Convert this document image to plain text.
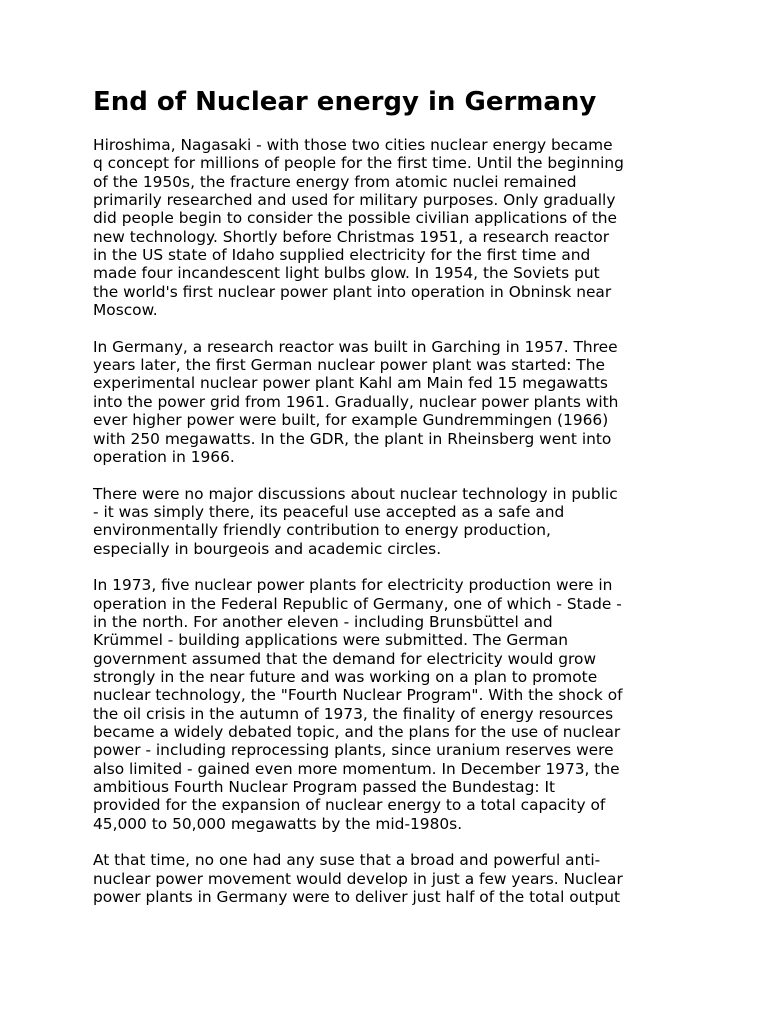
End of Nuclear energy in Germany

Hiroshima, Nagasaki - with those two cities nuclear energy became
q concept for millions of people for the first time. Until the beginning
of the 1950s, the fracture energy from atomic nuclei remained
primarily researched and used for military purposes. Only gradually
did people begin to consider the possible civilian applications of the
new technology. Shortly before Christmas 1951, a research reactor
in the US state of Idaho supplied electricity for the first time and
made four incandescent light bulbs glow. In 1954, the Soviets put
the world's first nuclear power plant into operation in Obninsk near
Moscow.

In Germany, a research reactor was built in Garching in 1957. Three
years later, the first German nuclear power plant was started: The
experimental nuclear power plant Kahl am Main fed 15 megawatts
into the power grid from 1961. Gradually, nuclear power plants with
ever higher power were built, for example Gundremmingen (1966)
with 250 megawatts. In the GDR, the plant in Rheinsberg went into
operation in 1966.

There were no major discussions about nuclear technology in public
- it was simply there, its peaceful use accepted as a safe and
environmentally friendly contribution to energy production,
especially in bourgeois and academic circles.

In 1973, five nuclear power plants for electricity production were in
operation in the Federal Republic of Germany, one of which - Stade -
in the north. For another eleven - including Brunsbüttel and
Krümmel - building applications were submitted. The German
government assumed that the demand for electricity would grow
strongly in the near future and was working on a plan to promote
nuclear technology, the "Fourth Nuclear Program". With the shock of
the oil crisis in the autumn of 1973, the finality of energy resources
became a widely debated topic, and the plans for the use of nuclear
power - including reprocessing plants, since uranium reserves were
also limited - gained even more momentum. In December 1973, the
ambitious Fourth Nuclear Program passed the Bundestag: It
provided for the expansion of nuclear energy to a total capacity of
45,000 to 50,000 megawatts by the mid-1980s.

At that time, no one had any suse that a broad and powerful anti-
nuclear power movement would develop in just a few years. Nuclear
power plants in Germany were to deliver just half of the total output
